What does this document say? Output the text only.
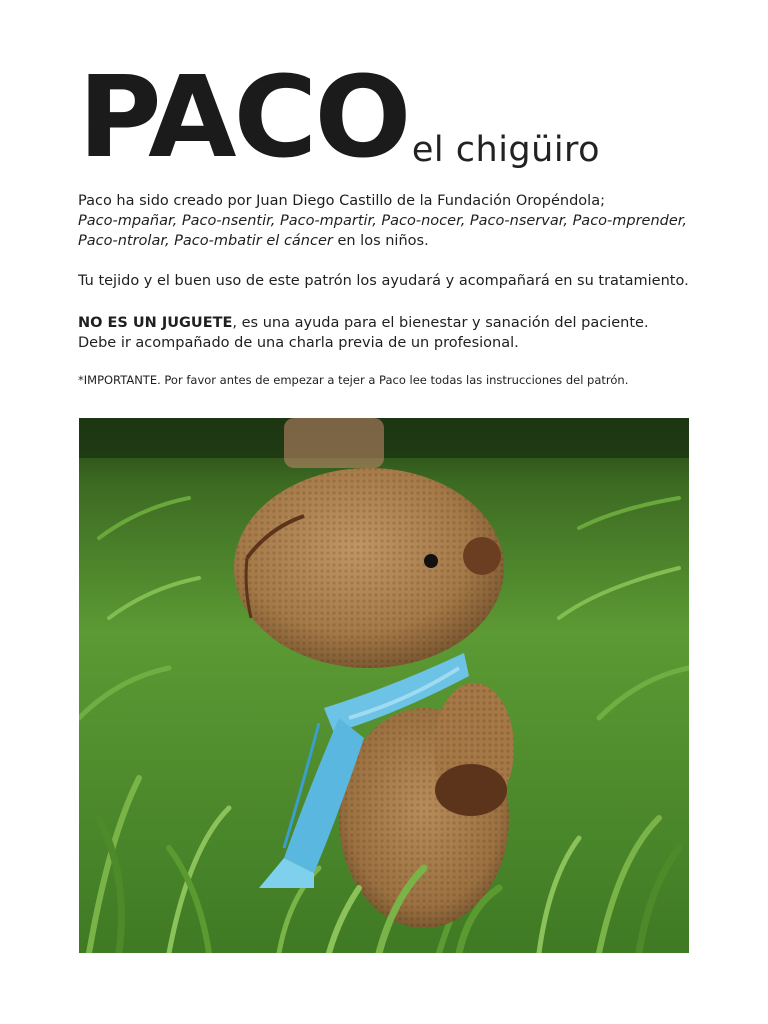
PACO el chigüiro
Paco ha sido creado por Juan Diego Castillo de la Fundación Oropéndola;
Paco-mpañar, Paco-nsentir, Paco-mpartir, Paco-nocer, Paco-nservar, Paco-mprender,
Paco-ntrolar, Paco-mbatir el cáncer en los niños.
Tu tejido y el buen uso de este patrón los ayudará y acompañará en su tratamiento.
NO ES UN JUGUETE, es una ayuda para el bienestar y sanación del paciente.
Debe ir acompañado de una charla previa de un profesional.
*IMPORTANTE. Por favor antes de empezar a tejer a Paco lee todas las instrucciones del patrón.
